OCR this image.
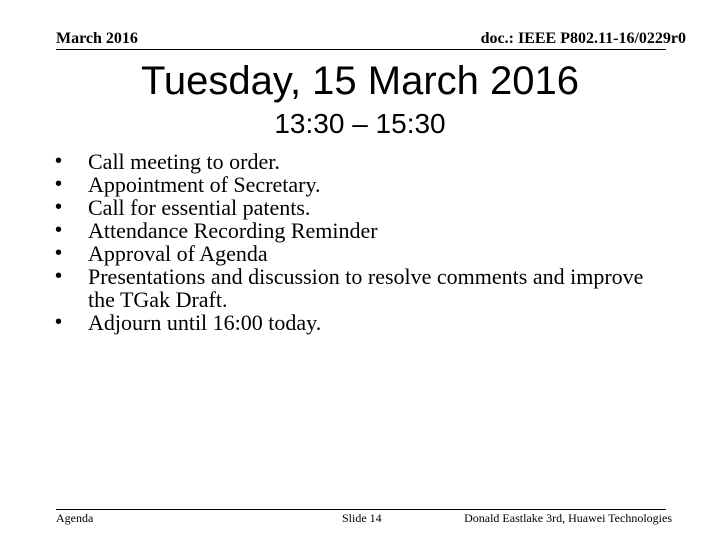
March 2016	doc.: IEEE P802.11-16/0229r0
Tuesday, 15 March 2016
13:30 – 15:30
• Call meeting to order.
• Appointment of Secretary.
• Call for essential patents.
• Attendance Recording Reminder
• Approval of Agenda
• Presentations and discussion to resolve comments and improve the TGak Draft.
• Adjourn until 16:00 today.
Agenda	Slide 14	Donald Eastlake 3rd, Huawei Technologies
